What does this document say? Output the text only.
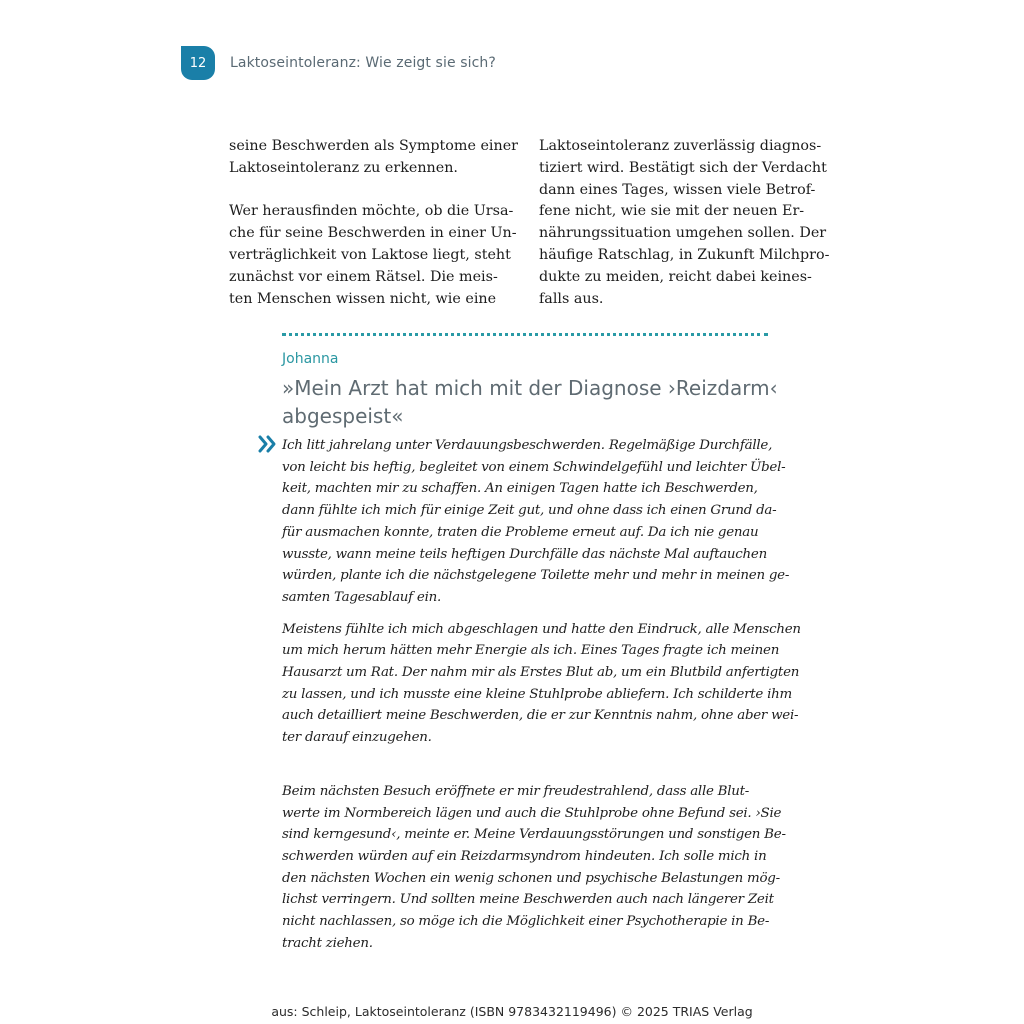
12	Laktoseintoleranz: Wie zeigt sie sich?
seine Beschwerden als Symptome einer
Laktoseintoleranz zu erkennen.
Wer herausfinden möchte, ob die Ursa-
che für seine Beschwerden in einer Un-
verträglichkeit von Laktose liegt, steht
zunächst vor einem Rätsel. Die meis-
ten Menschen wissen nicht, wie eine
Laktoseintoleranz zuverlässig diagnos-
tiziert wird. Bestätigt sich der Verdacht
dann eines Tages, wissen viele Betrof-
fene nicht, wie sie mit der neuen Er-
nährungssituation umgehen sollen. Der
häufige Ratschlag, in Zukunft Milchpro-
dukte zu meiden, reicht dabei keines-
falls aus.
Johanna
»Mein Arzt hat mich mit der Diagnose ›Reizdarm‹
abgespeist«
Ich litt jahrelang unter Verdauungsbeschwerden. Regelmäßige Durchfälle,
von leicht bis heftig, begleitet von einem Schwindelgefühl und leichter Übel-
keit, machten mir zu schaffen. An einigen Tagen hatte ich Beschwerden,
dann fühlte ich mich für einige Zeit gut, und ohne dass ich einen Grund da-
für ausmachen konnte, traten die Probleme erneut auf. Da ich nie genau
wusste, wann meine teils heftigen Durchfälle das nächste Mal auftauchen
würden, plante ich die nächstgelegene Toilette mehr und mehr in meinen ge-
samten Tagesablauf ein.
Meistens fühlte ich mich abgeschlagen und hatte den Eindruck, alle Menschen
um mich herum hätten mehr Energie als ich. Eines Tages fragte ich meinen
Hausarzt um Rat. Der nahm mir als Erstes Blut ab, um ein Blutbild anfertigten
zu lassen, und ich musste eine kleine Stuhlprobe abliefern. Ich schilderte ihm
auch detailliert meine Beschwerden, die er zur Kenntnis nahm, ohne aber wei-
ter darauf einzugehen.
Beim nächsten Besuch eröffnete er mir freudestrahlend, dass alle Blut-
werte im Normbereich lägen und auch die Stuhlprobe ohne Befund sei. ›Sie
sind kerngesund‹, meinte er. Meine Verdauungsstörungen und sonstigen Be-
schwerden würden auf ein Reizdarmsyndrom hindeuten. Ich solle mich in
den nächsten Wochen ein wenig schonen und psychische Belastungen mög-
lichst verringern. Und sollten meine Beschwerden auch nach längerer Zeit
nicht nachlassen, so möge ich die Möglichkeit einer Psychotherapie in Be-
tracht ziehen.
aus: Schleip, Laktoseintoleranz (ISBN 9783432119496) © 2025 TRIAS Verlag
